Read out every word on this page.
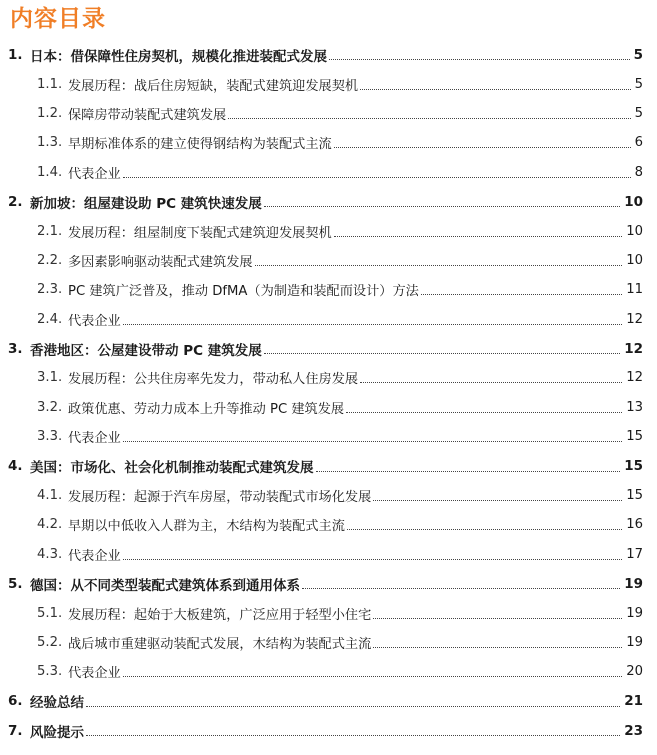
内容目录
1. 日本：借保障性住房契机，规模化推进装配式发展	5
1.1. 发展历程：战后住房短缺，装配式建筑迎发展契机	5
1.2. 保障房带动装配式建筑发展	5
1.3. 早期标准体系的建立使得钢结构为装配式主流	6
1.4. 代表企业	8
2. 新加坡：组屋建设助 PC 建筑快速发展	10
2.1. 发展历程：组屋制度下装配式建筑迎发展契机	10
2.2. 多因素影响驱动装配式建筑发展	10
2.3. PC 建筑广泛普及，推动 DfMA（为制造和装配而设计）方法	11
2.4. 代表企业	12
3. 香港地区：公屋建设带动 PC 建筑发展	12
3.1. 发展历程：公共住房率先发力，带动私人住房发展	12
3.2. 政策优惠、劳动力成本上升等推动 PC 建筑发展	13
3.3. 代表企业	15
4. 美国：市场化、社会化机制推动装配式建筑发展	15
4.1. 发展历程：起源于汽车房屋，带动装配式市场化发展	15
4.2. 早期以中低收入人群为主，木结构为装配式主流	16
4.3. 代表企业	17
5. 德国：从不同类型装配式建筑体系到通用体系	19
5.1. 发展历程：起始于大板建筑，广泛应用于轻型小住宅	19
5.2. 战后城市重建驱动装配式发展，木结构为装配式主流	19
5.3. 代表企业	20
6. 经验总结	21
7. 风险提示	23
